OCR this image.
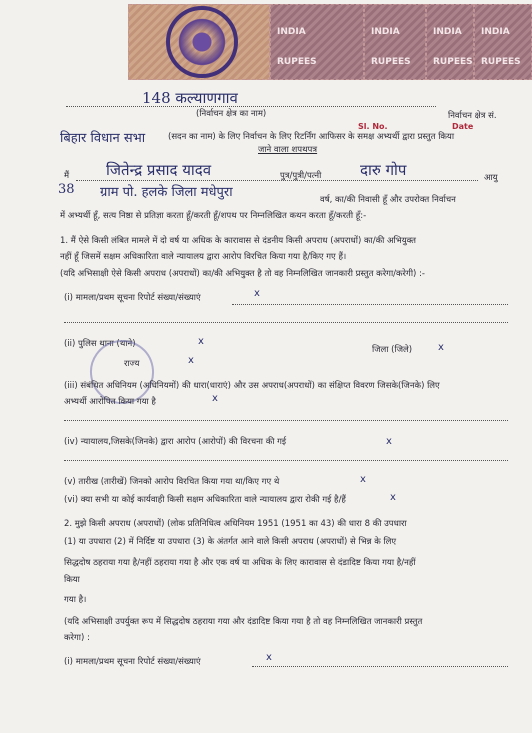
INDIA
RUPEES
INDIA
RUPEES
INDIA
RUPEES
INDIA
RUPEES
148 कल्याणगाव
(निर्वाचन क्षेत्र का नाम)	निर्वाचन क्षेत्र सं.
Sl. No.	Date
बिहार विधान सभा	(सदन का नाम) के लिए निर्वाचन के लिए रिटर्निंग आफिसर के समक्ष अभ्यर्थी द्वारा प्रस्तुत किया
जाने वाला शपथपत्र
मैं जितेन्द्र प्रसाद यादव	पुत्र/पुत्री/पत्नी	दारु गोप	आयु
38 ग्राम पो. हलके जिला मधेपुरा	वर्ष, का/की निवासी हूँ और उपरोक्त निर्वाचन
में अभ्यर्थी हूँ, सत्य निष्ठा से प्रतिज्ञा करता हूँ/करती हूँ/शपथ पर निम्नलिखित कथन करता हूँ/करती हूँ:-
1. मैं ऐसे किसी लंबित मामले में दो वर्ष या अधिक के कारावास से दंडनीय किसी अपराध (अपराधों) का/की अभियुक्त
नहीं हूँ जिसमें सक्षम अधिकारिता वाले न्यायालय द्वारा आरोप विरचित किया गया है/किए गए हैं।
(यदि अभिसाक्षी ऐसे किसी अपराध (अपराधों) का/की अभियुक्त है तो वह निम्नलिखित जानकारी प्रस्तुत करेगा/करेगी) :-
(i) मामला/प्रथम सूचना रिपोर्ट संख्या/संख्याएं	x
(ii) पुलिस थाना (थाने)	x
जिला (जिले)	x
राज्य	x
(iii) संबंधित अधिनियम (अधिनियमों) की धारा(धाराएं) और उस अपराध(अपराधों) का संक्षिप्त विवरण जिसके(जिनके) लिए
अभ्यर्थी आरोपित किया गया है	x
(iv) न्यायालय,जिसके(जिनके) द्वारा आरोप (आरोपों) की विरचना की गई	x
(v) तारीख (तारीखें) जिनको आरोप विरचित किया गया था/किए गए थे	x
(vi) क्या सभी या कोई कार्यवाही किसी सक्षम अधिकारिता वाले न्यायालय द्वारा रोकी गई है/हैं	x
2. मुझे किसी अपराध (अपराधों) (लोक प्रतिनिधित्व अधिनियम 1951 (1951 का 43) की धारा 8 की उपधारा
(1) या उपधारा (2) में निर्दिष्ट या उपधारा (3) के अंतर्गत आने वाले किसी अपराध (अपराधों) से भिन्न के लिए
सिद्धदोष ठहराया गया है/नहीं ठहराया गया है और एक वर्ष या अधिक के लिए कारावास से दंडादिष्ट किया गया है/नहीं
किया
गया है।
(यदि अभिसाक्षी उपर्युक्त रूप में सिद्धदोष ठहराया गया और दंडादिष्ट किया गया है तो वह निम्नलिखित जानकारी प्रस्तुत
करेगा) :
(i) मामला/प्रथम सूचना रिपोर्ट संख्या/संख्याएं	x
